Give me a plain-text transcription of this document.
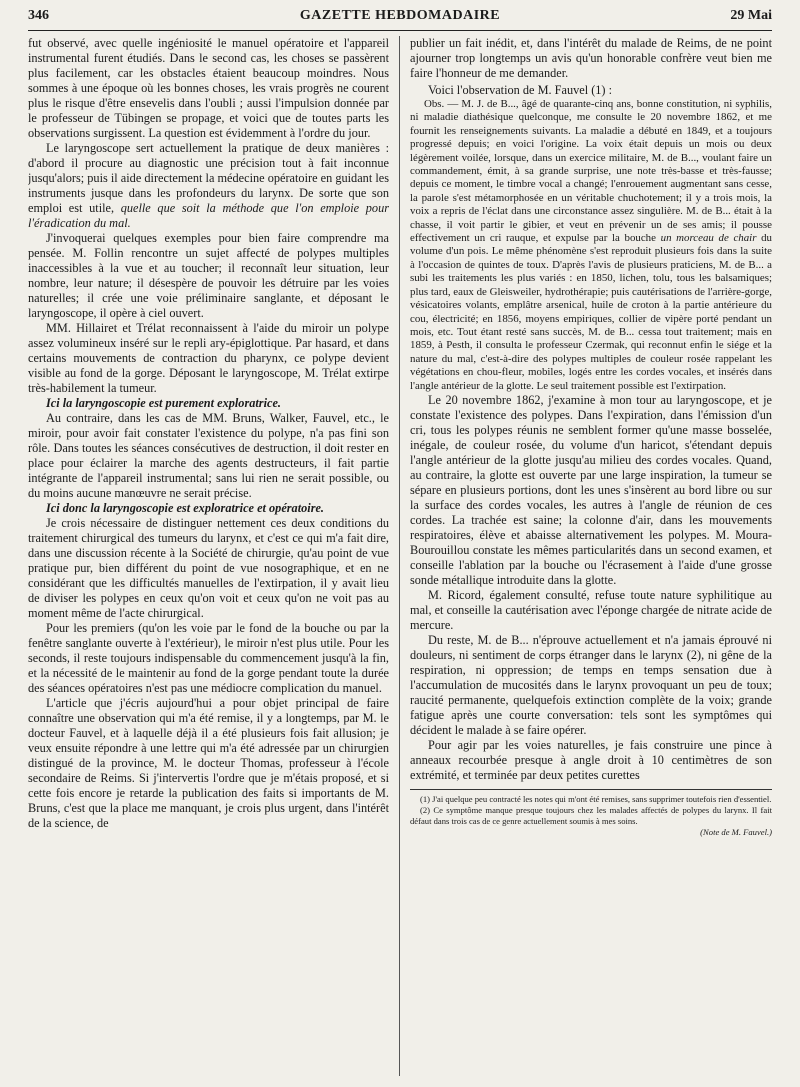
346	GAZETTE HEBDOMADAIRE	29 Mai

fut observé, avec quelle ingéniosité le manuel opératoire et l'appareil instrumental furent étudiés. Dans le second cas, les choses se passèrent plus facilement, car les obstacles étaient beaucoup moindres. Nous sommes à une époque où les bonnes choses, les vrais progrès ne courent plus le risque d'être ensevelis dans l'oubli ; aussi l'impulsion donnée par le professeur de Tübingen se propage, et voici que de toutes parts les observations surgissent. La question est évidemment à l'ordre du jour.

Le laryngoscope sert actuellement la pratique de deux manières : d'abord il procure au diagnostic une précision tout à fait inconnue jusqu'alors; puis il aide directement la médecine opératoire en guidant les instruments jusque dans les profondeurs du larynx. De sorte que son emploi est utile, quelle que soit la méthode que l'on emploie pour l'éradication du mal.

J'invoquerai quelques exemples pour bien faire comprendre ma pensée. M. Follin rencontre un sujet affecté de polypes multiples inaccessibles à la vue et au toucher; il reconnaît leur situation, leur nombre, leur nature; il désespère de pouvoir les détruire par les voies naturelles; il crée une voie préliminaire sanglante, et déposant le laryngoscope, il opère à ciel ouvert.

MM. Hillairet et Trélat reconnaissent à l'aide du miroir un polype assez volumineux inséré sur le repli ary-épiglottique. Par hasard, et dans certains mouvements de contraction du pharynx, ce polype devient visible au fond de la gorge. Déposant le laryngoscope, M. Trélat extirpe très-habilement la tumeur.

Ici la laryngoscopie est purement exploratrice.

Au contraire, dans les cas de MM. Bruns, Walker, Fauvel, etc., le miroir, pour avoir fait constater l'existence du polype, n'a pas fini son rôle. Dans toutes les séances consécutives de destruction, il doit rester en place pour éclairer la marche des agents destructeurs, il fait partie intégrante de l'appareil instrumental; sans lui rien ne serait possible, ou du moins aucune manœuvre ne serait précise.

Ici donc la laryngoscopie est exploratrice et opératoire.

Je crois nécessaire de distinguer nettement ces deux conditions du traitement chirurgical des tumeurs du larynx, et c'est ce qui m'a fait dire, dans une discussion récente à la Société de chirurgie, qu'au point de vue pratique pur, bien différent du point de vue nosographique, et en ne considérant que les difficultés manuelles de l'extirpation, il y avait lieu de diviser les polypes en ceux qu'on voit et ceux qu'on ne voit pas au moment même de l'acte chirurgical.

Pour les premiers (qu'on les voie par le fond de la bouche ou par la fenêtre sanglante ouverte à l'extérieur), le miroir n'est plus utile. Pour les seconds, il reste toujours indispensable du commencement jusqu'à la fin, et la nécessité de le maintenir au fond de la gorge pendant toute la durée des séances opératoires n'est pas une médiocre complication du manuel.

L'article que j'écris aujourd'hui a pour objet principal de faire connaître une observation qui m'a été remise, il y a longtemps, par M. le docteur Fauvel, et à laquelle déjà il a été plusieurs fois fait allusion; je veux ensuite répondre à une lettre qui m'a été adressée par un chirurgien distingué de la province, M. le docteur Thomas, professeur à l'école secondaire de Reims. Si j'intervertis l'ordre que je m'étais proposé, et si cette fois encore je retarde la publication des faits si importants de M. Bruns, c'est que la place me manquant, je crois plus urgent, dans l'intérêt de la science, de

publier un fait inédit, et, dans l'intérêt du malade de Reims, de ne point ajourner trop longtemps un avis qu'un honorable confrère veut bien me faire l'honneur de me demander.

Voici l'observation de M. Fauvel (1) :

Obs. — M. J. de B..., âgé de quarante-cinq ans, bonne constitution, ni syphilis, ni maladie diathésique quelconque, me consulte le 20 novembre 1862, et me fournit les renseignements suivants. La maladie a débuté en 1849, et a toujours progressé depuis; en voici l'origine. La voix était depuis un mois ou deux légèrement voilée, lorsque, dans un exercice militaire, M. de B..., voulant faire un commandement, émit, à sa grande surprise, une note très-basse et très-fausse; depuis ce moment, le timbre vocal a changé; l'enrouement augmentant sans cesse, la parole s'est métamorphosée en un véritable chuchotement; il y a trois mois, la voix a repris de l'éclat dans une circonstance assez singulière. M. de B... était à la chasse, il voit partir le gibier, et veut en prévenir un de ses amis; il pousse effectivement un cri rauque, et expulse par la bouche un morceau de chair du volume d'un pois. Le même phénomène s'est reproduit plusieurs fois dans la suite à l'occasion de quintes de toux. D'après l'avis de plusieurs praticiens, M. de B... a subi les traitements les plus variés : en 1850, lichen, tolu, tous les balsamiques; plus tard, eaux de Gleisweiler, hydrothérapie; puis cautérisations de l'arrière-gorge, vésicatoires volants, emplâtre arsenical, huile de croton à la partie antérieure du cou, électricité; en 1856, moyens empiriques, collier de vipère porté pendant un mois, etc. Tout étant resté sans succès, M. de B... cessa tout traitement; mais en 1859, à Pesth, il consulta le professeur Czermak, qui reconnut enfin le siége et la nature du mal, c'est-à-dire des polypes multiples de couleur rosée rappelant les végétations en chou-fleur, mobiles, logés entre les cordes vocales, et insérés dans l'angle antérieur de la glotte. Le seul traitement possible est l'extirpation.

Le 20 novembre 1862, j'examine à mon tour au laryngoscope, et je constate l'existence des polypes. Dans l'expiration, dans l'émission d'un cri, tous les polypes réunis ne semblent former qu'une masse bosselée, inégale, de couleur rosée, du volume d'un haricot, s'étendant depuis l'angle antérieur de la glotte jusqu'au milieu des cordes vocales. Quand, au contraire, la glotte est ouverte par une large inspiration, la tumeur se sépare en plusieurs portions, dont les unes s'insèrent au bord libre ou sur la surface des cordes vocales, les autres à l'angle de réunion de ces cordes. La trachée est saine; la colonne d'air, dans les mouvements respiratoires, élève et abaisse alternativement les polypes. M. Moura-Bourouillou constate les mêmes particularités dans un second examen, et conseille l'ablation par la bouche ou l'écrasement à l'aide d'une grosse sonde métallique introduite dans la glotte.

M. Ricord, également consulté, refuse toute nature syphilitique au mal, et conseille la cautérisation avec l'éponge chargée de nitrate acide de mercure.

Du reste, M. de B... n'éprouve actuellement et n'a jamais éprouvé ni douleurs, ni sentiment de corps étranger dans le larynx (2), ni gêne de la respiration, ni oppression; de temps en temps sensation due à l'accumulation de mucosités dans le larynx provoquant un peu de toux; raucité permanente, quelquefois extinction complète de la voix; grande fatigue après une courte conversation: tels sont les symptômes qui décident le malade à se faire opérer.

Pour agir par les voies naturelles, je fais construire une pince à anneaux recourbée presque à angle droit à 10 centimètres de son extrémité, et terminée par deux petites curettes

(1) J'ai quelque peu contracté les notes qui m'ont été remises, sans supprimer toutefois rien d'essentiel.

(2) Ce symptôme manque presque toujours chez les malades affectés de polypes du larynx. Il fait défaut dans trois cas de ce genre actuellement soumis à mes soins.

(Note de M. Fauvel.)
